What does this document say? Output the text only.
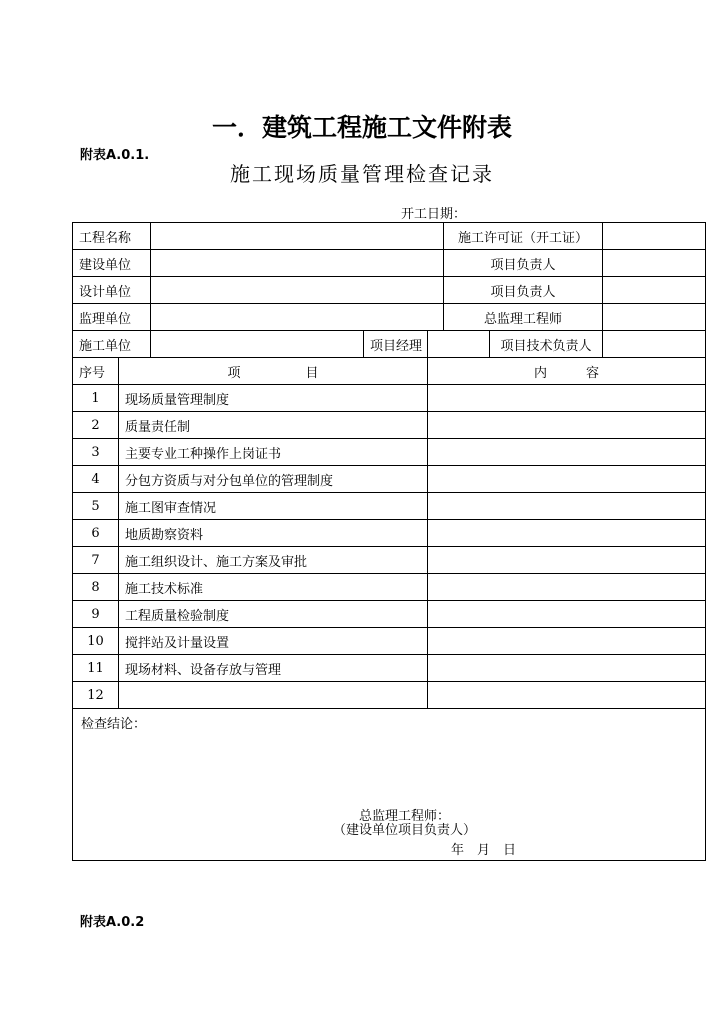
一．建筑工程施工文件附表
附表A.0.1.
施工现场质量管理检查记录
开工日期：
工程名称					施工许可证（开工证）		
建设单位					项目负责人		
设计单位					项目负责人		
监理单位					总监理工程师		
施工单位			项目经理			项目技术负责人	
序号	项　　　　　目			内　　　容			
1	现场质量管理制度						
2	质量责任制						
3	主要专业工种操作上岗证书						
4	分包方资质与对分包单位的管理制度						
5	施工图审查情况						
6	地质勘察资料						
7	施工组织设计、施工方案及审批						
8	施工技术标准						
9	工程质量检验制度						
10	搅拌站及计量设置						
11	现场材料、设备存放与管理						
12							

检查结论：
总监理工程师：
（建设单位项目负责人）
年　月　日							
附表A.0.2
